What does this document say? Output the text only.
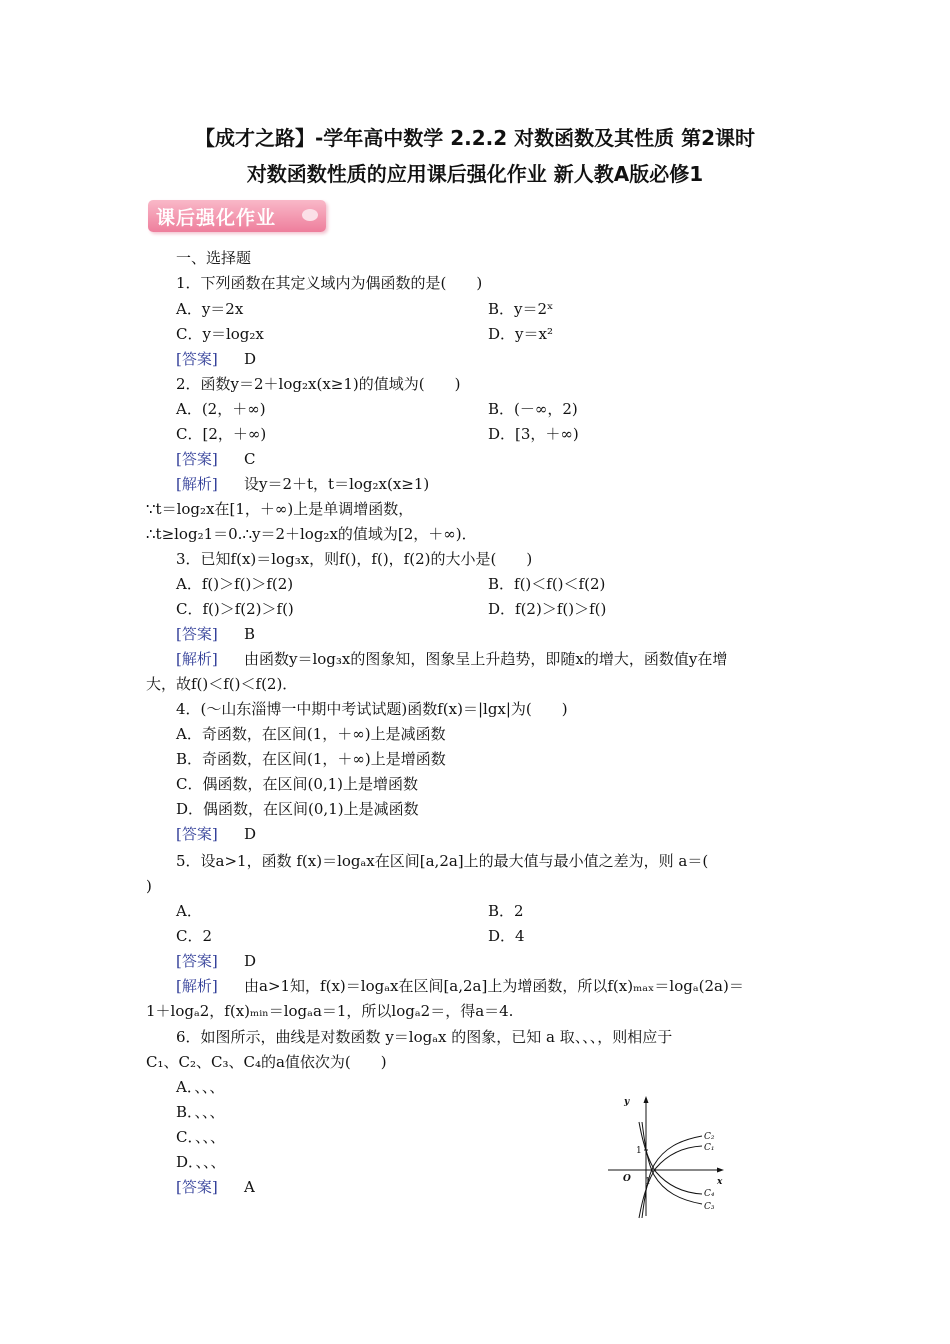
【成才之路】-学年高中数学 2.2.2 对数函数及其性质 第2课时
对数函数性质的应用课后强化作业 新人教A版必修1
课后强化作业
一、选择题
1．下列函数在其定义域内为偶函数的是(　　)
A．y＝2x	B．y＝2ˣ
C．y＝log₂x	D．y＝x²
[答案] D
2．函数y＝2＋log₂x(x≥1)的值域为(　　)
A．(2，＋∞)	B．(－∞，2)
C．[2，＋∞)	D．[3，＋∞)
[答案] C
[解析] 设y＝2＋t，t＝log₂x(x≥1)
∵t＝log₂x在[1，＋∞)上是单调增函数，
∴t≥log₂1＝0.∴y＝2＋log₂x的值域为[2，＋∞)．
3．已知f(x)＝log₃x，则f()，f()，f(2)的大小是(　　)
A．f()＞f()＞f(2)	B．f()＜f()＜f(2)
C．f()＞f(2)＞f()	D．f(2)＞f()＞f()
[答案] B
[解析] 由函数y＝log₃x的图象知，图象呈上升趋势，即随x的增大，函数值y在增
大，故f()＜f()＜f(2)．
4．(～山东淄博一中期中考试试题)函数f(x)＝|lgx|为(　　)
A．奇函数，在区间(1，＋∞)上是减函数
B．奇函数，在区间(1，＋∞)上是增函数
C．偶函数，在区间(0,1)上是增函数
D．偶函数，在区间(0,1)上是减函数
[答案] D
5．设a>1，函数 f(x)＝logₐx在区间[a,2a]上的最大值与最小值之差为，则 a＝(
)
A．	B．2
C．2	D．4
[答案] D
[解析] 由a>1知，f(x)＝logₐx在区间[a,2a]上为增函数，所以f(x)ₘₐₓ＝logₐ(2a)＝
1＋logₐ2，f(x)ₘᵢₙ＝logₐa＝1，所以logₐ2＝，得a＝4.
6．如图所示，曲线是对数函数 y＝logₐx 的图象，已知 a 取、、、，则相应于
C₁、C₂、C₃、C₄的a值依次为(　　)
A．、、、
B．、、、
C．、、、
D．、、、
[答案] A
y
x
O
1
1
C₂
C₁
C₄
C₃
